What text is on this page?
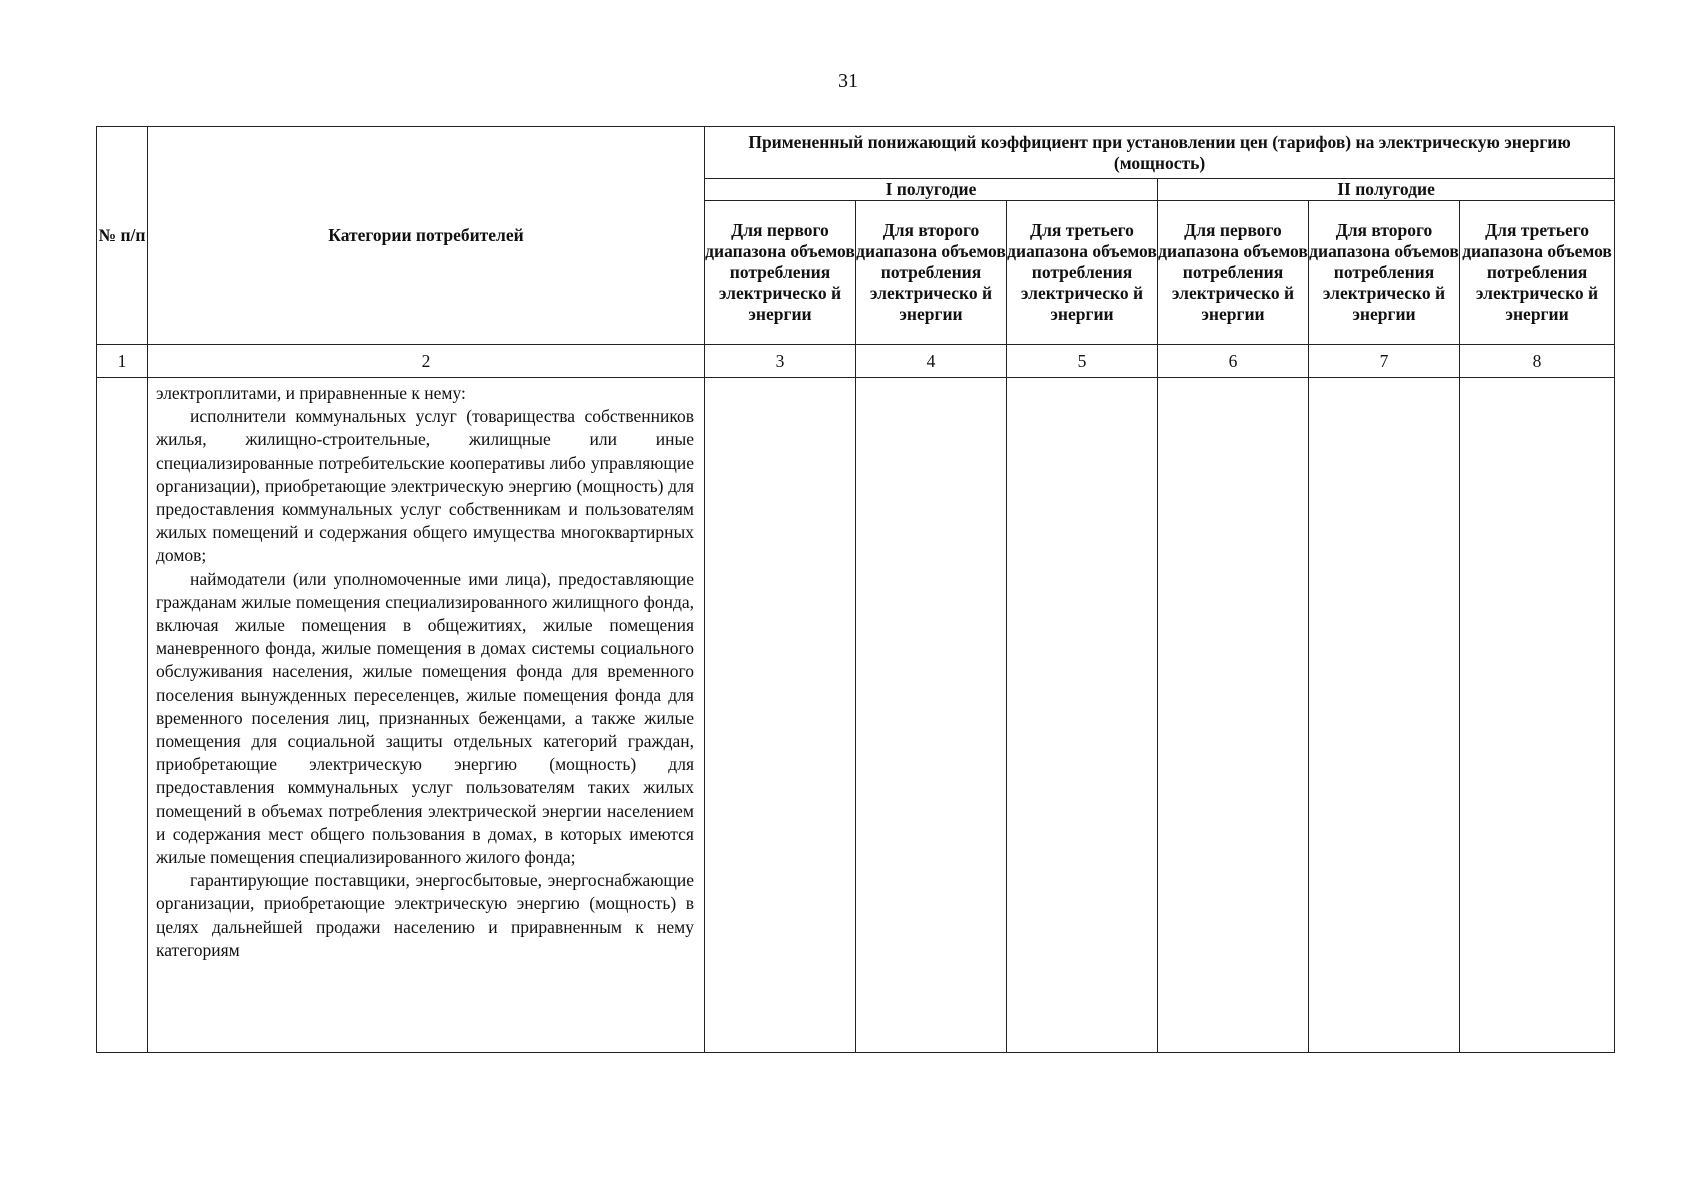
31
№ п/п	Категории потребителей	Примененный понижающий коэффициент при установлении цен (тарифов) на электрическую энергию (мощность)					
		I полугодие			II полугодие		
		Для первого диапазона объемов потребления электрическо й энергии	Для второго диапазона объемов потребления электрическо й энергии	Для третьего диапазона объемов потребления электрическо й энергии	Для первого диапазона объемов потребления электрическо й энергии	Для второго диапазона объемов потребления электрическо й энергии	Для третьего диапазона объемов потребления электрическо й энергии
1	2	3	4	5	6	7	8

	электроплитами, и приравненные к нему:

исполнители коммунальных услуг (товарищества собственников жилья, жилищно-строительные, жилищные или иные специализированные потребительские кооперативы либо управляющие организации), приобретающие электрическую энергию (мощность) для предоставления коммунальных услуг собственникам и пользователям жилых помещений и содержания общего имущества многоквартирных домов;

наймодатели (или уполномоченные ими лица), предоставляющие гражданам жилые помещения специализированного жилищного фонда, включая жилые помещения в общежитиях, жилые помещения маневренного фонда, жилые помещения в домах системы социального обслуживания населения, жилые помещения фонда для временного поселения вынужденных переселенцев, жилые помещения фонда для временного поселения лиц, признанных беженцами, а также жилые помещения для социальной защиты отдельных категорий граждан, приобретающие электрическую энергию (мощность) для предоставления коммунальных услуг пользователям таких жилых помещений в объемах потребления электрической энергии населением и содержания мест общего пользования в домах, в которых имеются жилые помещения специализированного жилого фонда;

гарантирующие поставщики, энергосбытовые, энергоснабжающие организации, приобретающие электрическую энергию (мощность) в целях дальнейшей продажи населению и приравненным к нему категориям						
